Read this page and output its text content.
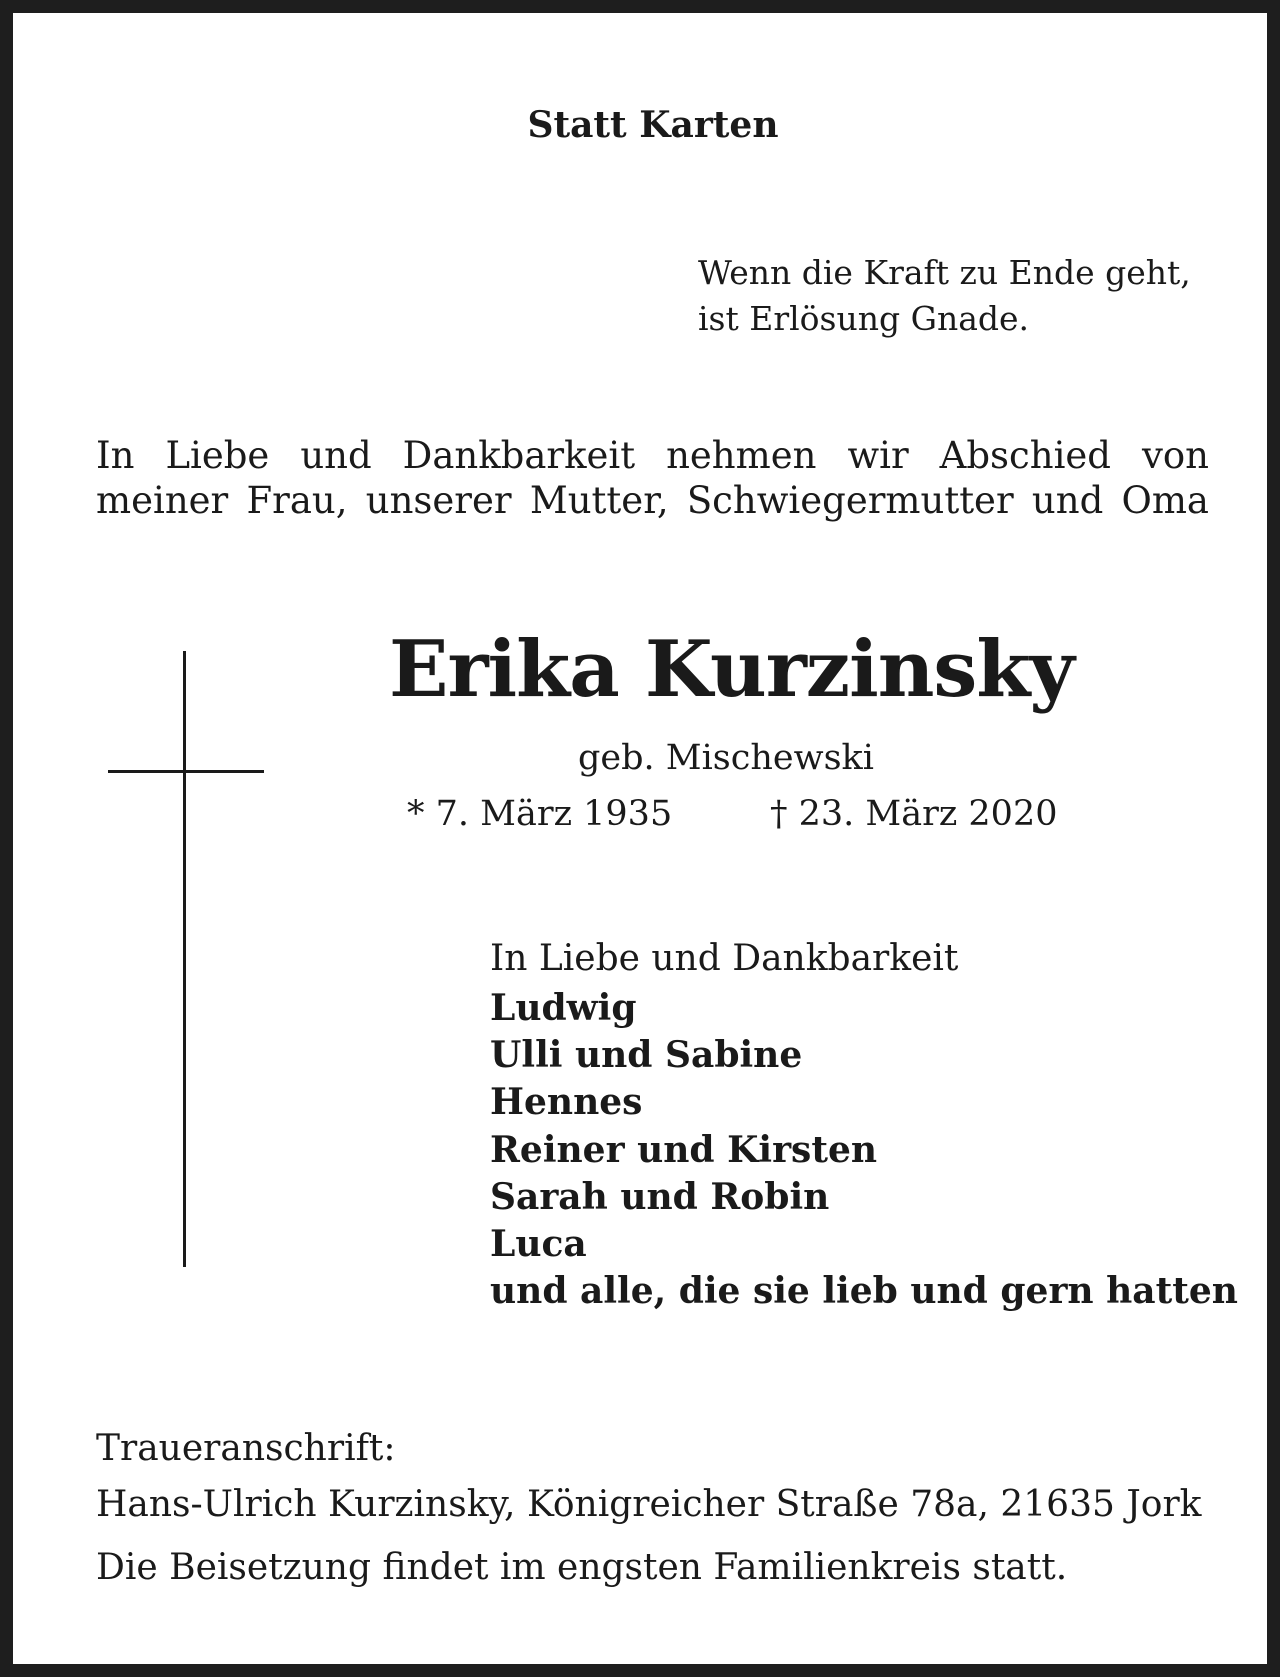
Statt Karten
Wenn die Kraft zu Ende geht,
ist Erlösung Gnade.
In Liebe und Dankbarkeit nehmen wir Abschied von
meiner Frau, unserer Mutter, Schwiegermutter und Oma
Erika Kurzinsky
geb. Mischewski
* 7. März 1935	† 23. März 2020
In Liebe und Dankbarkeit
Ludwig
Ulli und Sabine
Hennes
Reiner und Kirsten
Sarah und Robin
Luca
und alle, die sie lieb und gern hatten
Traueranschrift:
Hans-Ulrich Kurzinsky, Königreicher Straße 78a, 21635 Jork
Die Beisetzung findet im engsten Familienkreis statt.
